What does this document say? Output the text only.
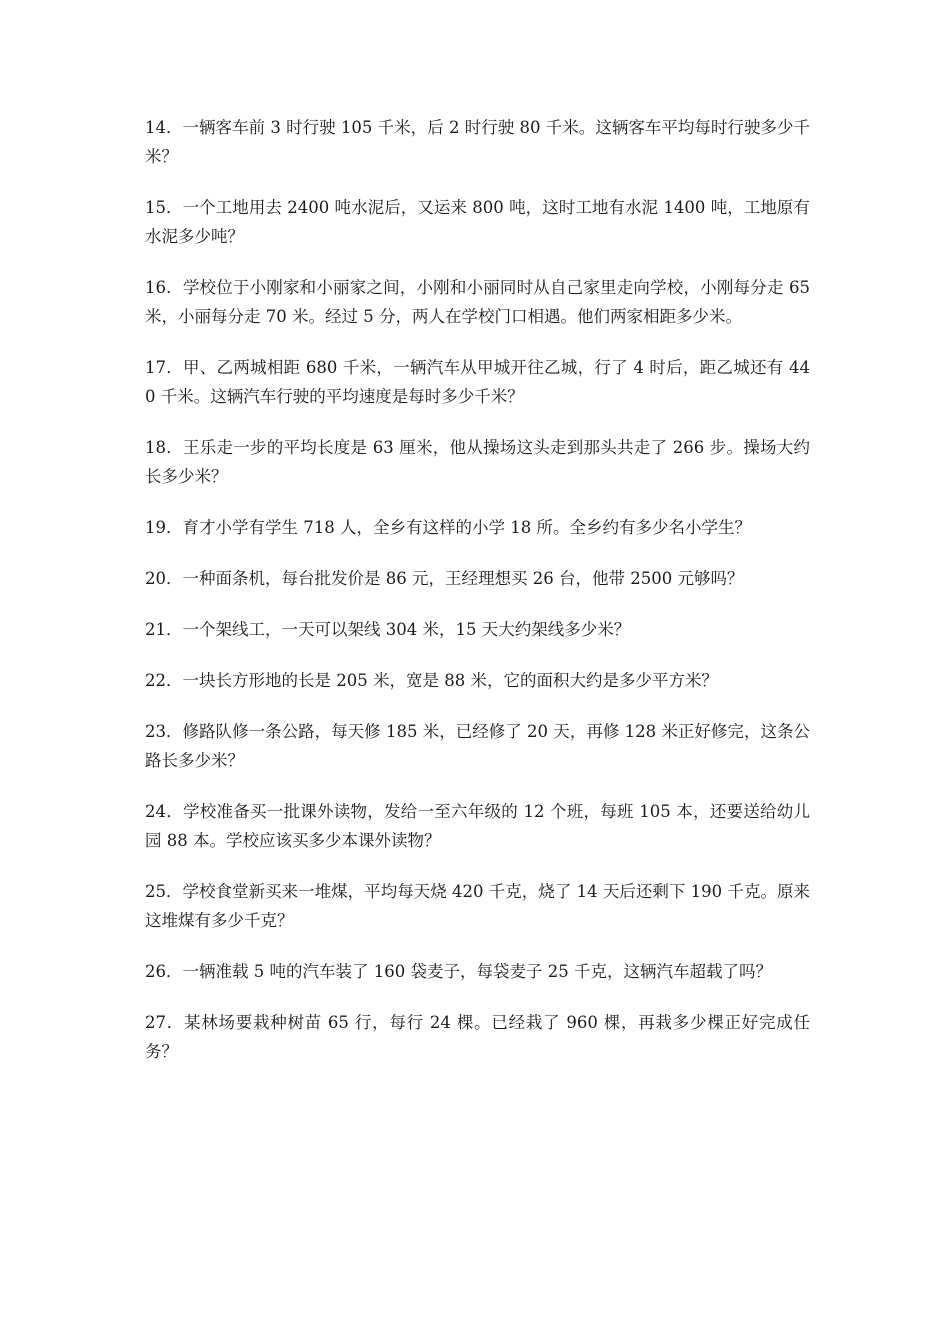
14．一辆客车前 3 时行驶 105 千米，后 2 时行驶 80 千米。这辆客车平均每时行驶多少千米？
15．一个工地用去 2400 吨水泥后，又运来 800 吨，这时工地有水泥 1400 吨，工地原有水泥多少吨？
16．学校位于小刚家和小丽家之间，小刚和小丽同时从自己家里走向学校，小刚每分走 65 米，小丽每分走 70 米。经过 5 分，两人在学校门口相遇。他们两家相距多少米。
17．甲、乙两城相距 680 千米，一辆汽车从甲城开往乙城，行了 4 时后，距乙城还有 440 千米。这辆汽车行驶的平均速度是每时多少千米？
18．王乐走一步的平均长度是 63 厘米，他从操场这头走到那头共走了 266 步。操场大约长多少米？
19．育才小学有学生 718 人，全乡有这样的小学 18 所。全乡约有多少名小学生？
20．一种面条机，每台批发价是 86 元，王经理想买 26 台，他带 2500 元够吗？
21．一个架线工，一天可以架线 304 米，15 天大约架线多少米？
22．一块长方形地的长是 205 米，宽是 88 米，它的面积大约是多少平方米？
23．修路队修一条公路，每天修 185 米，已经修了 20 天，再修 128 米正好修完，这条公路长多少米？
24．学校准备买一批课外读物，发给一至六年级的 12 个班，每班 105 本，还要送给幼儿园 88 本。学校应该买多少本课外读物？
25．学校食堂新买来一堆煤，平均每天烧 420 千克，烧了 14 天后还剩下 190 千克。原来这堆煤有多少千克？
26．一辆准载 5 吨的汽车装了 160 袋麦子，每袋麦子 25 千克，这辆汽车超载了吗？
27．某林场要栽种树苗 65 行，每行 24 棵。已经栽了 960 棵，再栽多少棵正好完成任务？
